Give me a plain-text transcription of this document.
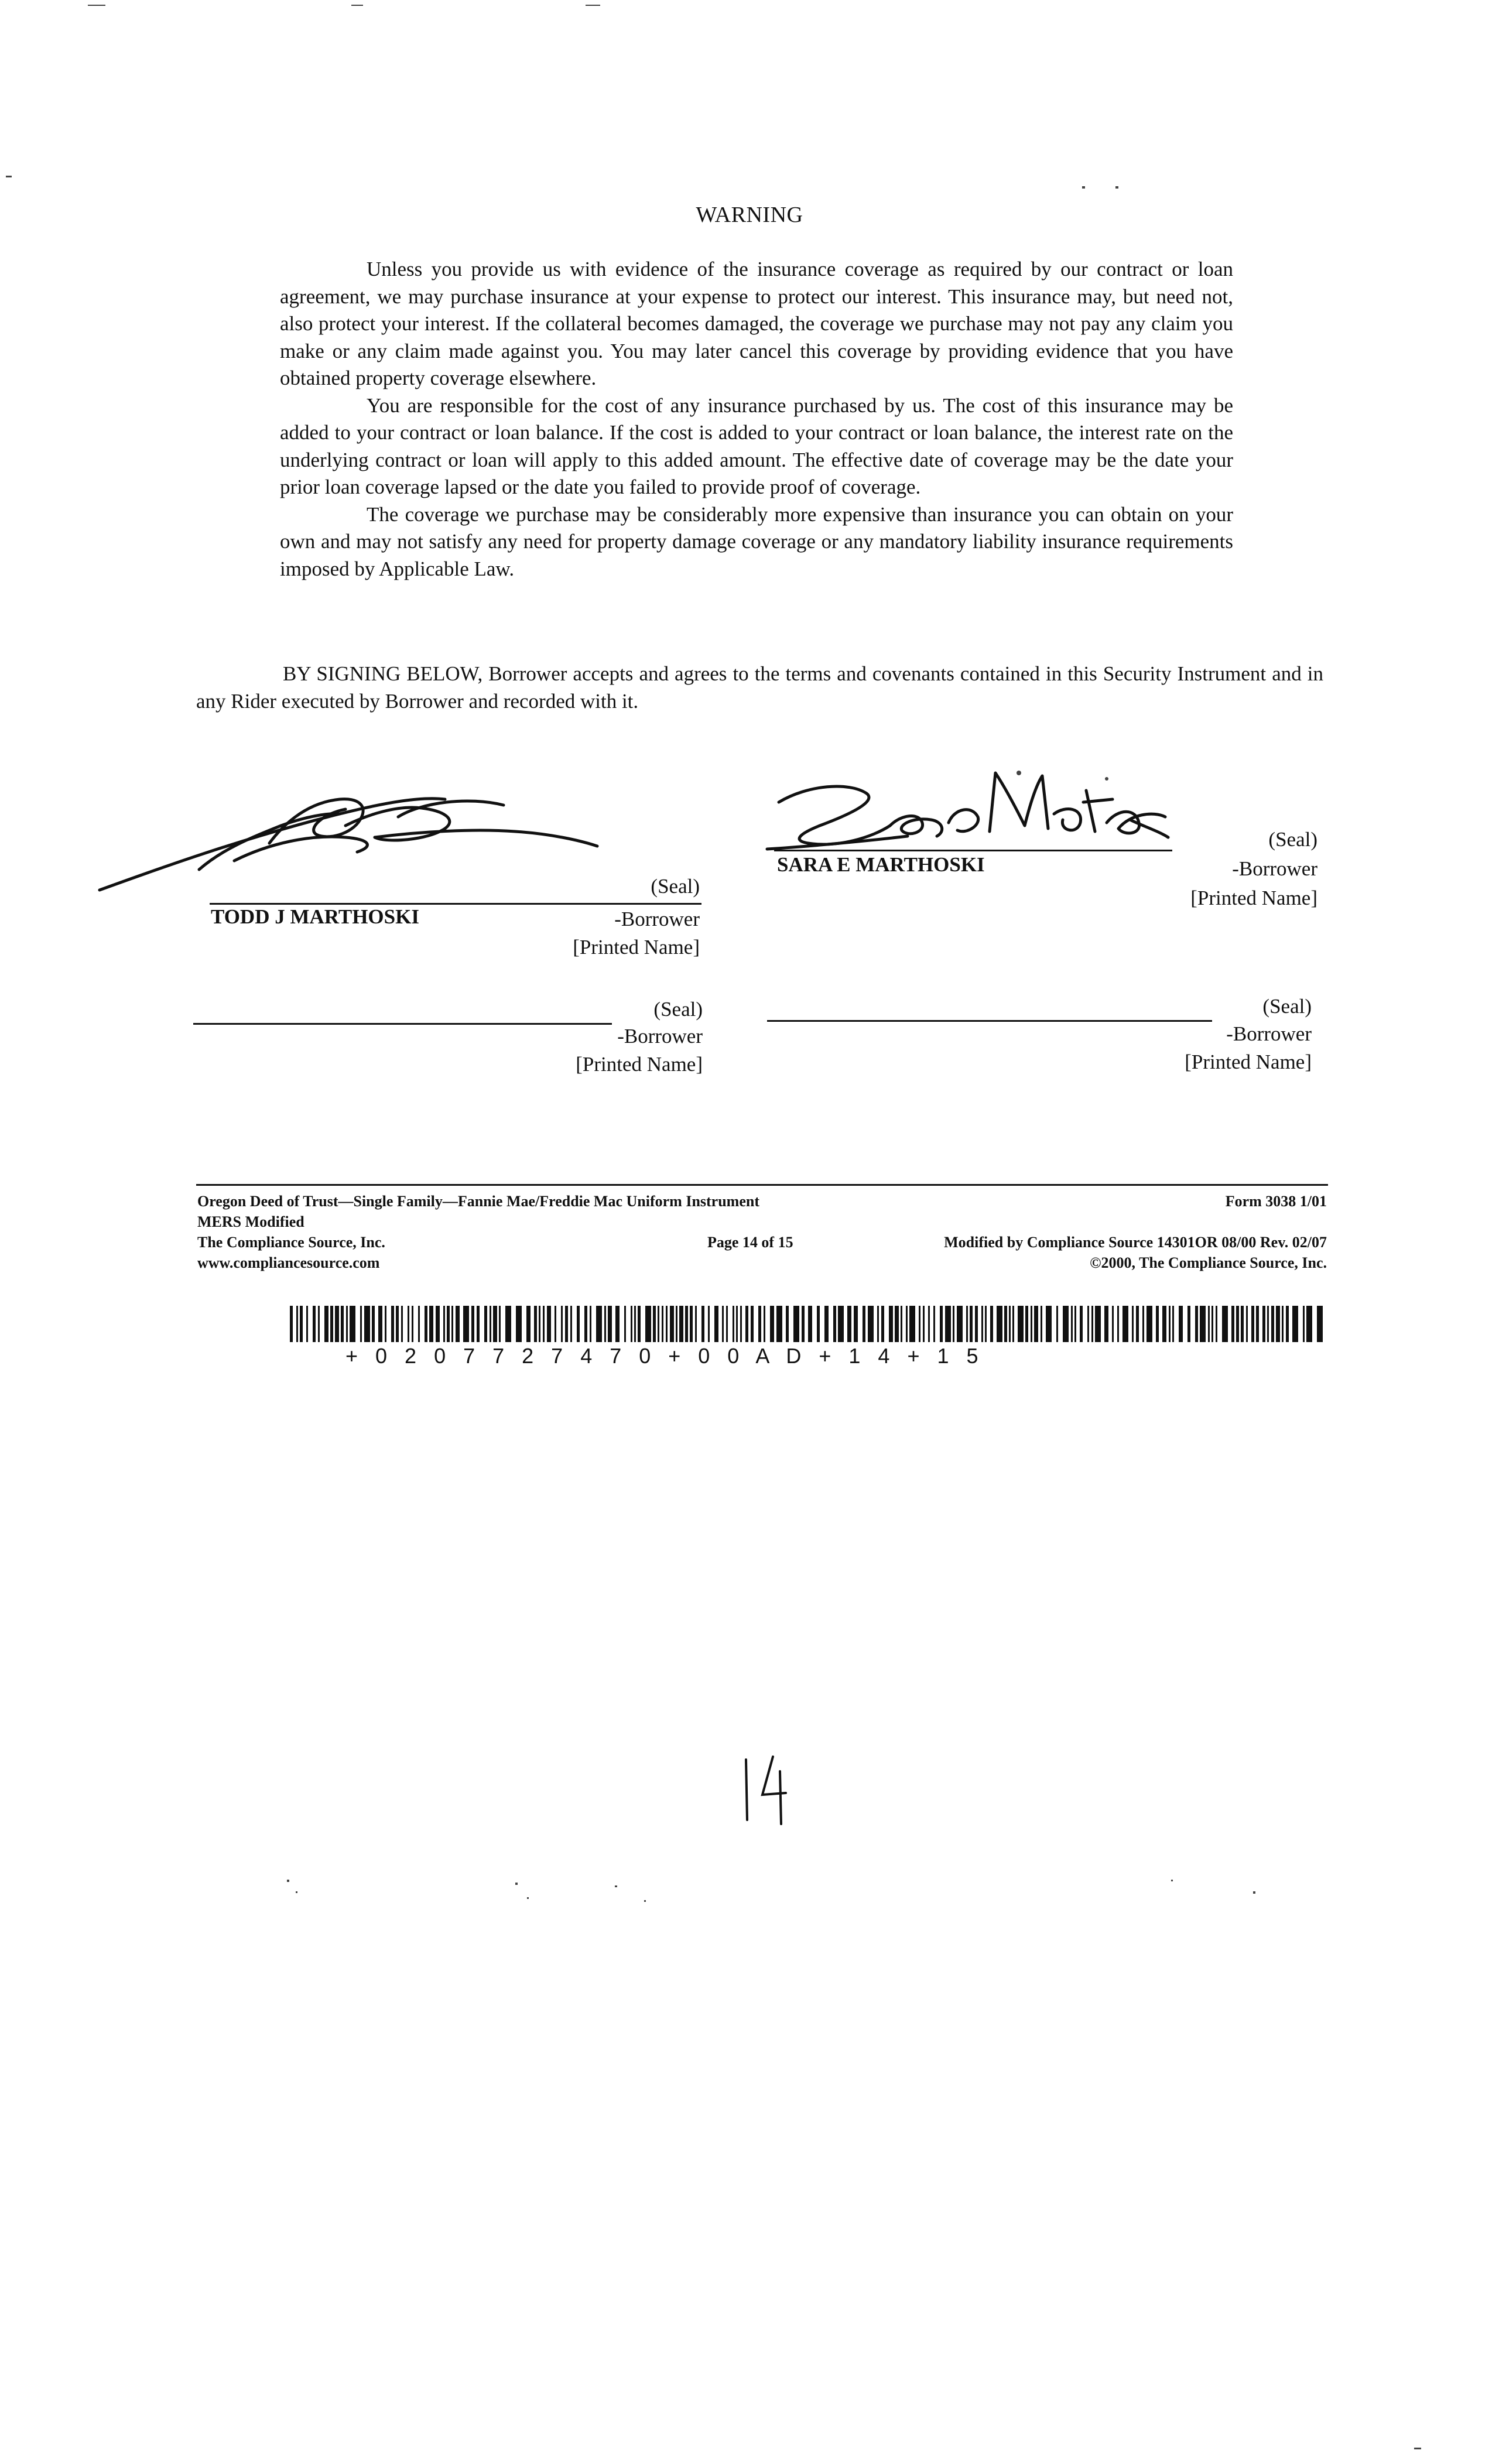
WARNING

Unless you provide us with evidence of the insurance coverage as required by our contract or loan agreement, we may purchase insurance at your expense to protect our interest. This insurance may, but need not, also protect your interest. If the collateral becomes damaged, the coverage we purchase may not pay any claim you make or any claim made against you. You may later cancel this coverage by providing evidence that you have obtained property coverage elsewhere.

You are responsible for the cost of any insurance purchased by us. The cost of this insurance may be added to your contract or loan balance. If the cost is added to your contract or loan balance, the interest rate on the underlying contract or loan will apply to this added amount. The effective date of coverage may be the date your prior loan coverage lapsed or the date you failed to provide proof of coverage.

The coverage we purchase may be considerably more expensive than insurance you can obtain on your own and may not satisfy any need for property damage coverage or any mandatory liability insurance requirements imposed by Applicable Law.

BY SIGNING BELOW, Borrower accepts and agrees to the terms and covenants contained in this Security Instrument and in any Rider executed by Borrower and recorded with it.
(Seal)
TODD J MARTHOSKI	-Borrower
[Printed Name]
(Seal)
SARA E MARTHOSKI	-Borrower
[Printed Name]
(Seal)
-Borrower
[Printed Name]
(Seal)
-Borrower
[Printed Name]
Oregon Deed of Trust—Single Family—Fannie Mae/Freddie Mac Uniform Instrument	Form 3038 1/01
MERS Modified
The Compliance Source, Inc.	Page 14 of 15	Modified by Compliance Source 14301OR 08/00 Rev. 02/07
www.compliancesource.com	©2000, The Compliance Source, Inc.
+ 0 2 0 7 7 2 7 4 7 0 + 0 0 A D + 1 4 + 1 5
